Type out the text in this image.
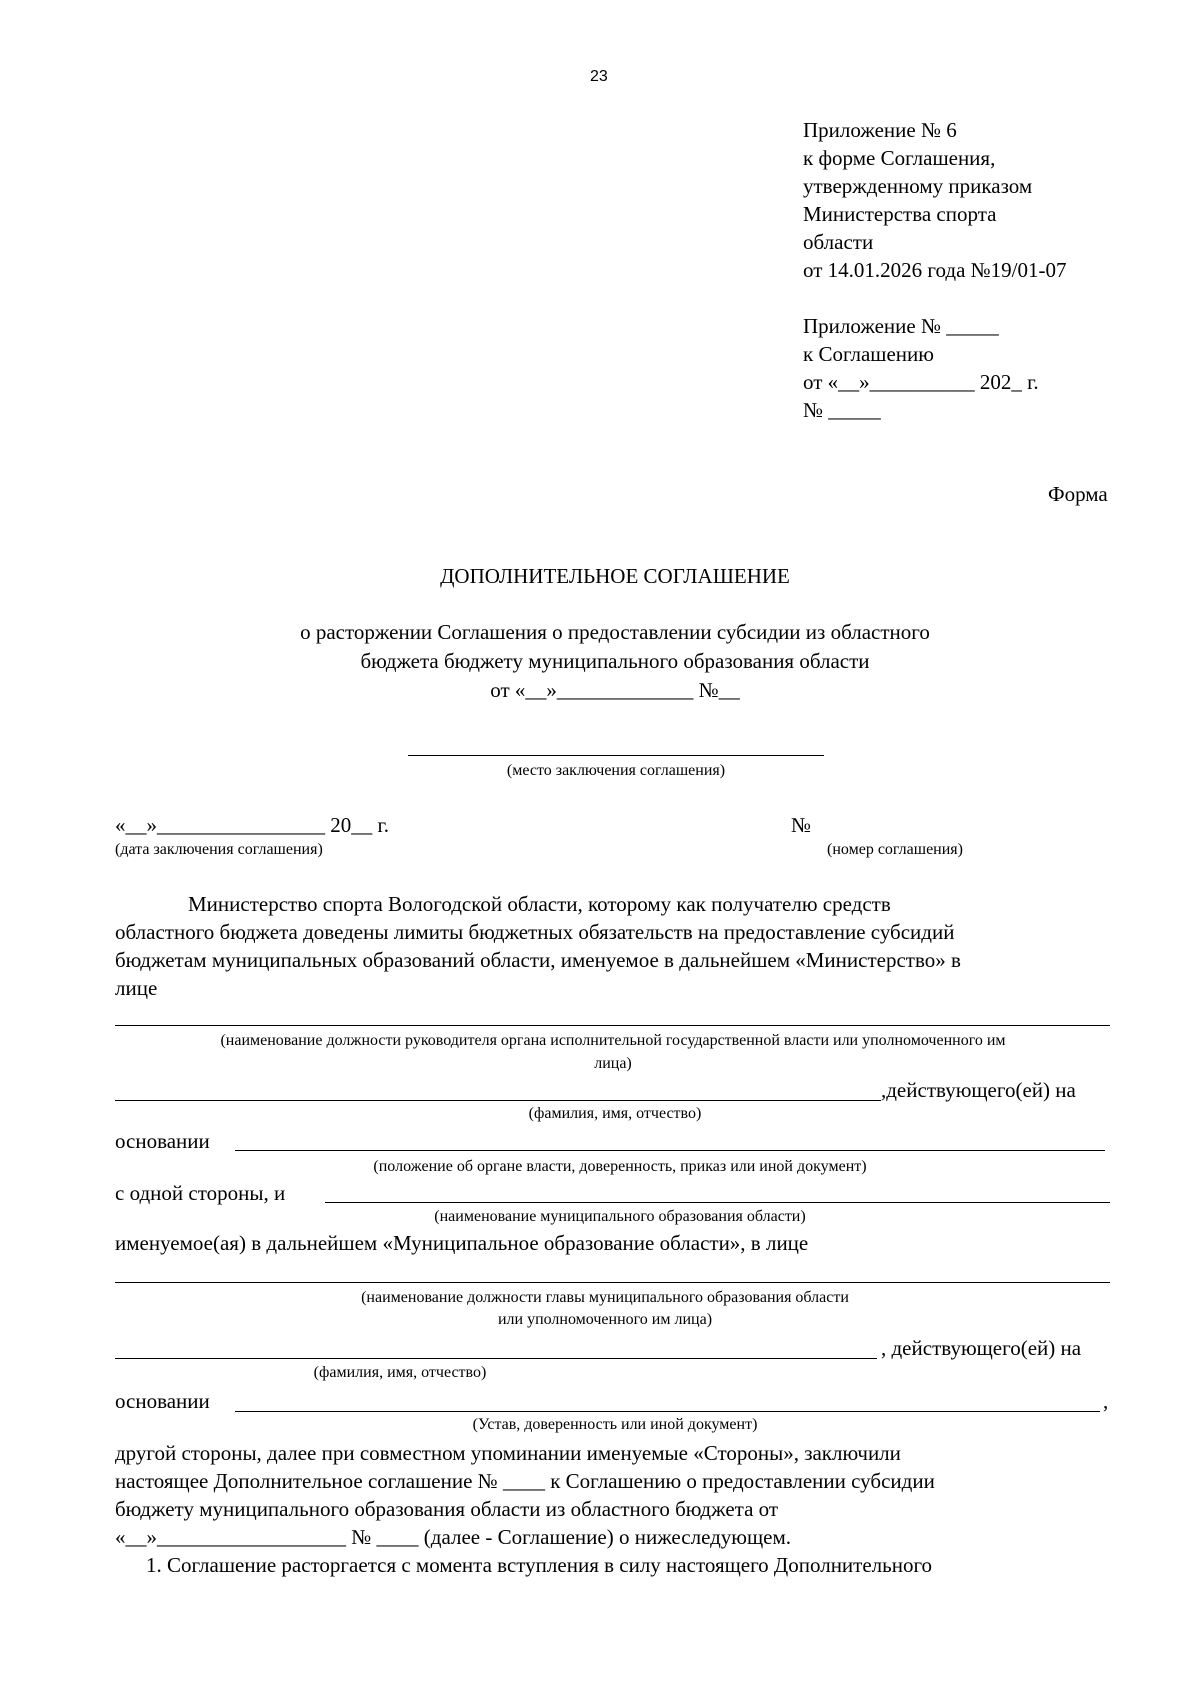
23
Приложение № 6
к форме Соглашения,
утвержденному приказом
Министерства спорта
области
от 14.01.2026 года №19/01-07
Приложение № _____
к Соглашению
от «__»__________ 202_ г.
№ _____
Форма
ДОПОЛНИТЕЛЬНОЕ СОГЛАШЕНИЕ
о расторжении Соглашения о предоставлении субсидии из областного
бюджета бюджету муниципального образования области
от «__»_____________ №__
(место заключения соглашения)
«__»________________ 20__ г.
(дата заключения соглашения)
№
(номер соглашения)
Министерство спорта Вологодской области, которому как получателю средств
областного бюджета доведены лимиты бюджетных обязательств на предоставление субсидий
бюджетам муниципальных образований области, именуемое в дальнейшем «Министерство» в
лице
(наименование должности руководителя органа исполнительной государственной власти или уполномоченного им
лица)
,действующего(ей) на
(фамилия, имя, отчество)
основании
(положение об органе власти, доверенность, приказ или иной документ)
с одной стороны, и
(наименование муниципального образования области)
именуемое(ая) в дальнейшем «Муниципальное образование области», в лице
(наименование должности главы муниципального образования области
или уполномоченного им лица)
, действующего(ей) на
(фамилия, имя, отчество)
основании	,
(Устав, доверенность или иной документ)
другой стороны, далее при совместном упоминании именуемые «Стороны», заключили
настоящее Дополнительное соглашение № ____ к Соглашению о предоставлении субсидии
бюджету муниципального образования области из областного бюджета от
«__»__________________ № ____ (далее - Соглашение) о нижеследующем.
1. Соглашение расторгается с момента вступления в силу настоящего Дополнительного
